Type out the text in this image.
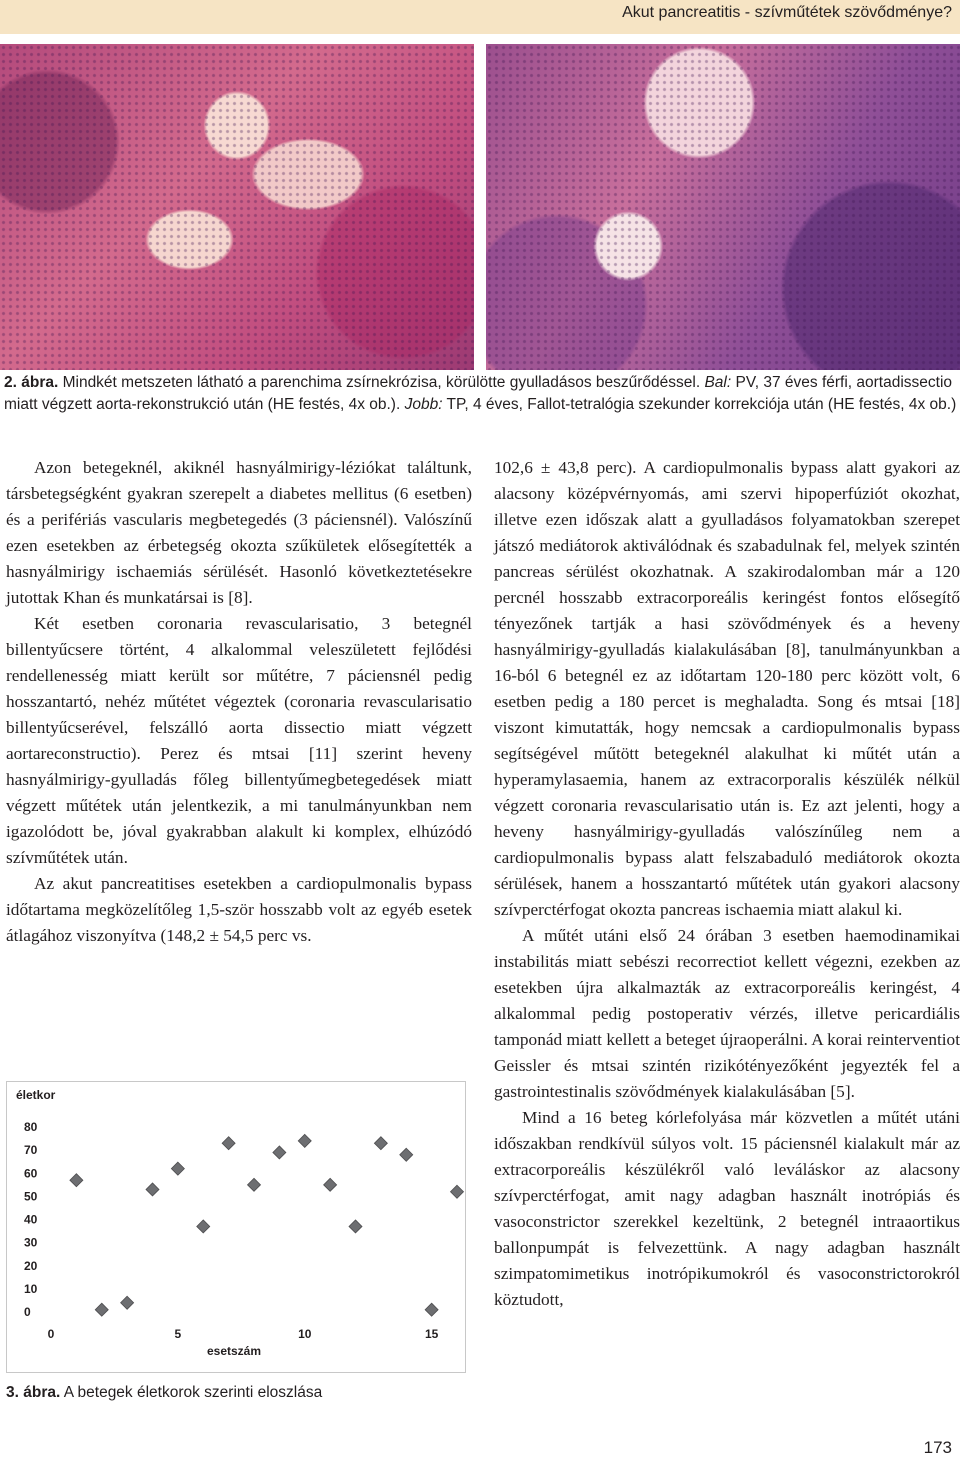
Akut pancreatitis - szívműtétek szövődménye?

2. ábra. Mindkét metszeten látható a parenchima zsírnekrózisa, körülötte gyulladásos beszűrődéssel. Bal: PV, 37 éves férfi, aortadissectio miatt végzett aorta-rekonstrukció után (HE festés, 4x ob.). Jobb: TP, 4 éves, Fallot-tetralógia szekunder korrekciója után (HE festés, 4x ob.)

Azon betegeknél, akiknél hasnyálmirigy-léziókat találtunk, társbetegségként gyakran szerepelt a diabetes mellitus (6 esetben) és a perifériás vascularis megbetegedés (3 páciensnél). Valószínű ezen esetekben az érbetegség okozta szűkületek elősegítették a hasnyálmirigy ischaemiás sérülését. Hasonló következtetésekre jutottak Khan és munkatársai is [8].

Két esetben coronaria revascularisatio, 3 betegnél billentyűcsere történt, 4 alkalommal veleszületett fejlődési rendellenesség miatt került sor műtétre, 7 páciensnél pedig hosszantartó, nehéz műtétet végeztek (coronaria revascularisatio billentyűcserével, felszálló aorta dissectio miatt végzett aortareconstructio). Perez és mtsai [11] szerint heveny hasnyálmirigy-gyulladás főleg billentyűmegbetegedések miatt végzett műtétek után jelentkezik, a mi tanulmányunkban nem igazolódott be, jóval gyakrabban alakult ki komplex, elhúzódó szívműtétek után.

Az akut pancreatitises esetekben a cardiopulmonalis bypass időtartama megközelítőleg 1,5-ször hosszabb volt az egyéb esetek átlagához viszonyítva (148,2 ± 54,5 perc vs.

102,6 ± 43,8 perc). A cardiopulmonalis bypass alatt gyakori az alacsony középvérnyomás, ami szervi hipoperfúziót okozhat, illetve ezen időszak alatt a gyulladásos folyamatokban szerepet játszó mediátorok aktiválódnak és szabadulnak fel, melyek szintén pancreas sérülést okozhatnak. A szakirodalomban már a 120 percnél hosszabb extracorporeális keringést fontos elősegítő tényezőnek tartják a hasi szövődmények és a heveny hasnyálmirigy-gyulladás kialakulásában [8], tanulmányunkban a 16-ból 6 betegnél ez az időtartam 120-180 perc között volt, 6 esetben pedig a 180 percet is meghaladta. Song és mtsai [18] viszont kimutatták, hogy nemcsak a cardiopulmonalis bypass segítségével műtött betegeknél alakulhat ki műtét után a hyperamylasaemia, hanem az extracorporalis készülék nélkül végzett coronaria revascularisatio után is. Ez azt jelenti, hogy a heveny hasnyálmirigy-gyulladás valószínűleg nem a cardiopulmonalis bypass alatt felszabaduló mediátorok okozta sérülések, hanem a hosszantartó műtétek után gyakori alacsony szívperctérfogat okozta pancreas ischaemia miatt alakul ki.

A műtét utáni első 24 órában 3 esetben haemodinamikai instabilitás miatt sebészi recorrectiot kellett végezni, ezekben az esetekben újra alkalmazták az extracorporeális keringést, 4 alkalommal pedig postoperativ vérzés, illetve pericardiális tamponád miatt kellett a beteget újraoperálni. A korai reinterventiot Geissler és mtsai szintén rizikótényezőként jegyezték fel a gastrointestinalis szövődmények kialakulásában [5].

Mind a 16 beteg kórlefolyása már közvetlen a műtét utáni időszakban rendkívül súlyos volt. 15 páciensnél kialakult már az extracorporeális készülékről való leváláskor az alacsony szívperctérfogat, amit nagy adagban használt inotrópiás és vasoconstrictor szerekkel kezeltünk, 2 betegnél intraaortikus ballonpumpát is felvezettünk. A nagy adagban használt szimpatomimetikus inotrópikumokról és vasoconstrictorokról köztudott,

életkor
esetszám
0
10
20
30
40
50
60
70
80
0	5	10	15

3. ábra. A betegek életkorok szerinti eloszlása

173
